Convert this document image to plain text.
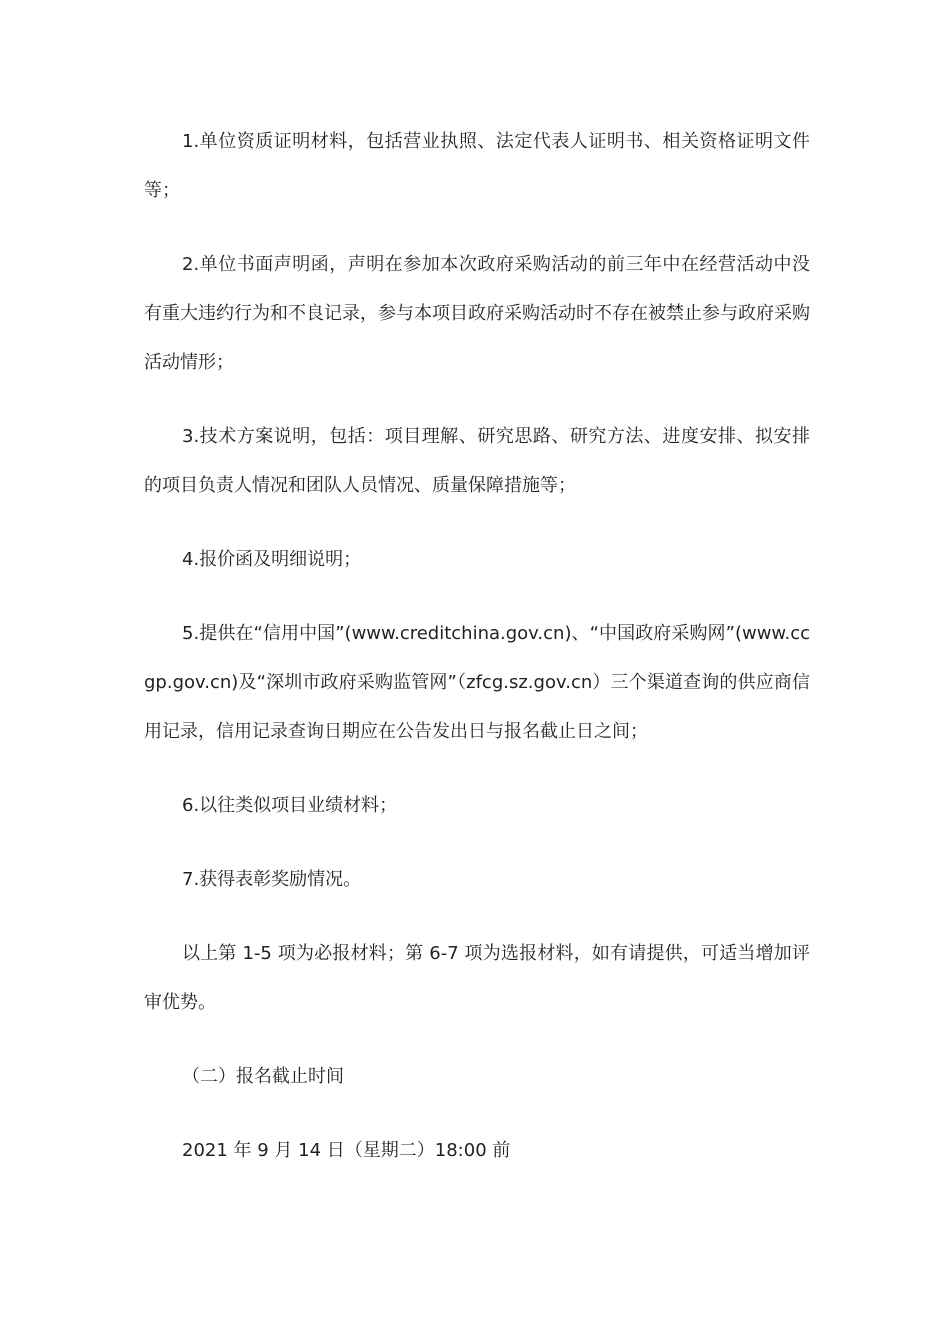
1.单位资质证明材料，包括营业执照、法定代表人证明书、相关资格证明文件等；

2.单位书面声明函，声明在参加本次政府采购活动的前三年中在经营活动中没有重大违约行为和不良记录，参与本项目政府采购活动时不存在被禁止参与政府采购活动情形；

3.技术方案说明，包括：项目理解、研究思路、研究方法、进度安排、拟安排的项目负责人情况和团队人员情况、质量保障措施等；

4.报价函及明细说明；

5.提供在“信用中国”(www.creditchina.gov.cn)、“中国政府采购网”(www.ccgp.gov.cn)及“深圳市政府采购监管网”（zfcg.sz.gov.cn）三个渠道查询的供应商信用记录，信用记录查询日期应在公告发出日与报名截止日之间；

6.以往类似项目业绩材料；

7.获得表彰奖励情况。

以上第 1-5 项为必报材料；第 6-7 项为选报材料，如有请提供，可适当增加评审优势。

（二）报名截止时间

2021 年 9 月 14 日（星期二）18:00 前
